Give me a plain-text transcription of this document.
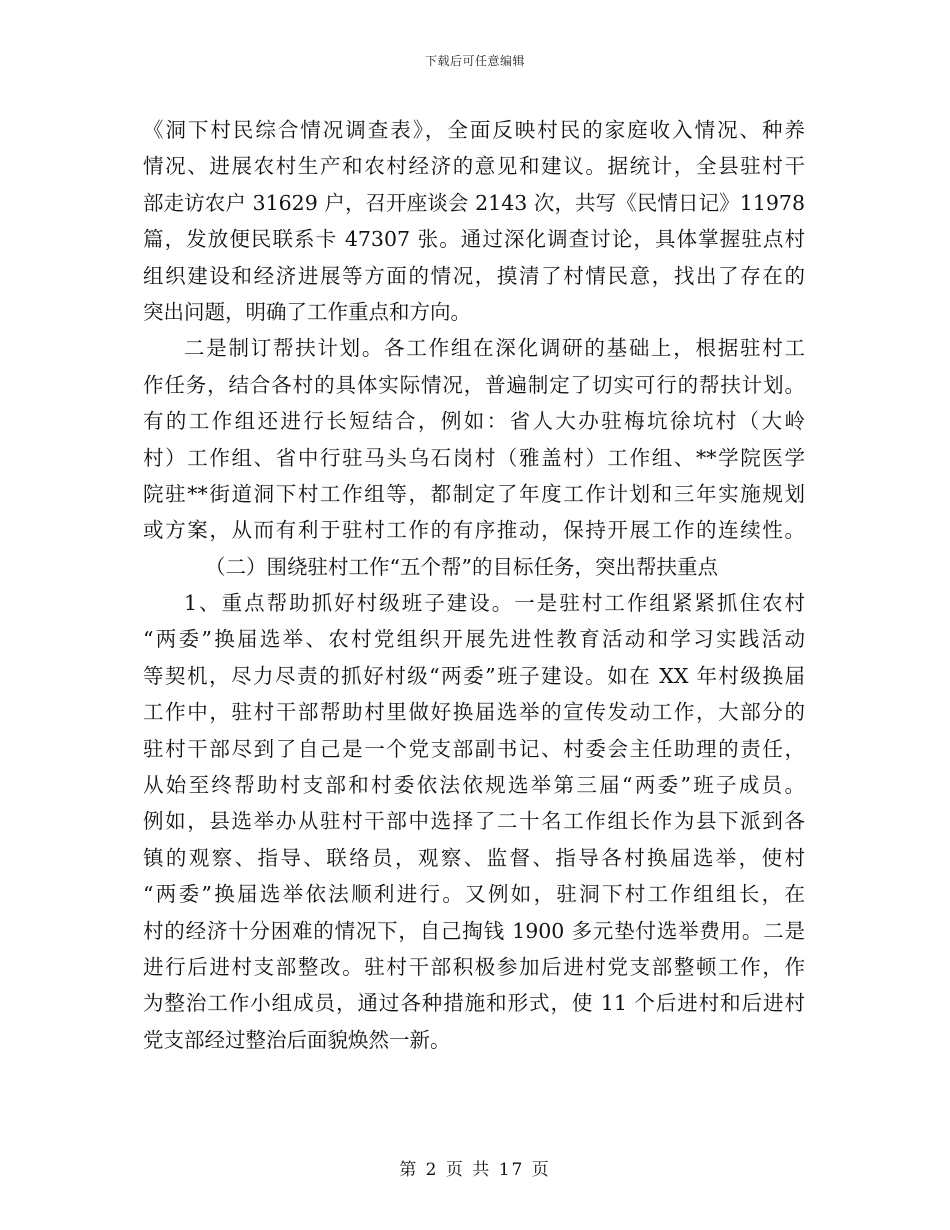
下载后可任意编辑
《洞下村民综合情况调查表》，全面反映村民的家庭收入情况、种养
情况、进展农村生产和农村经济的意见和建议。据统计，全县驻村干
部走访农户 31629 户，召开座谈会 2143 次，共写《民情日记》11978
篇，发放便民联系卡 47307 张。通过深化调查讨论，具体掌握驻点村
组织建设和经济进展等方面的情况，摸清了村情民意，找出了存在的
突出问题，明确了工作重点和方向。
二是制订帮扶计划。各工作组在深化调研的基础上，根据驻村工
作任务，结合各村的具体实际情况，普遍制定了切实可行的帮扶计划。
有的工作组还进行长短结合，例如：省人大办驻梅坑徐坑村（大岭
村）工作组、省中行驻马头乌石岗村（雅盖村）工作组、**学院医学
院驻**街道洞下村工作组等，都制定了年度工作计划和三年实施规划
或方案，从而有利于驻村工作的有序推动，保持开展工作的连续性。
（二）围绕驻村工作“五个帮”的目标任务，突出帮扶重点
1、重点帮助抓好村级班子建设。一是驻村工作组紧紧抓住农村
“两委”换届选举、农村党组织开展先进性教育活动和学习实践活动
等契机，尽力尽责的抓好村级“两委”班子建设。如在 XX 年村级换届
工作中，驻村干部帮助村里做好换届选举的宣传发动工作，大部分的
驻村干部尽到了自己是一个党支部副书记、村委会主任助理的责任，
从始至终帮助村支部和村委依法依规选举第三届“两委”班子成员。
例如，县选举办从驻村干部中选择了二十名工作组长作为县下派到各
镇的观察、指导、联络员，观察、监督、指导各村换届选举，使村
“两委”换届选举依法顺利进行。又例如，驻洞下村工作组组长，在
村的经济十分困难的情况下，自己掏钱 1900 多元垫付选举费用。二是
进行后进村支部整改。驻村干部积极参加后进村党支部整顿工作，作
为整治工作小组成员，通过各种措施和形式，使 11 个后进村和后进村
党支部经过整治后面貌焕然一新。
第 2 页 共 17 页
